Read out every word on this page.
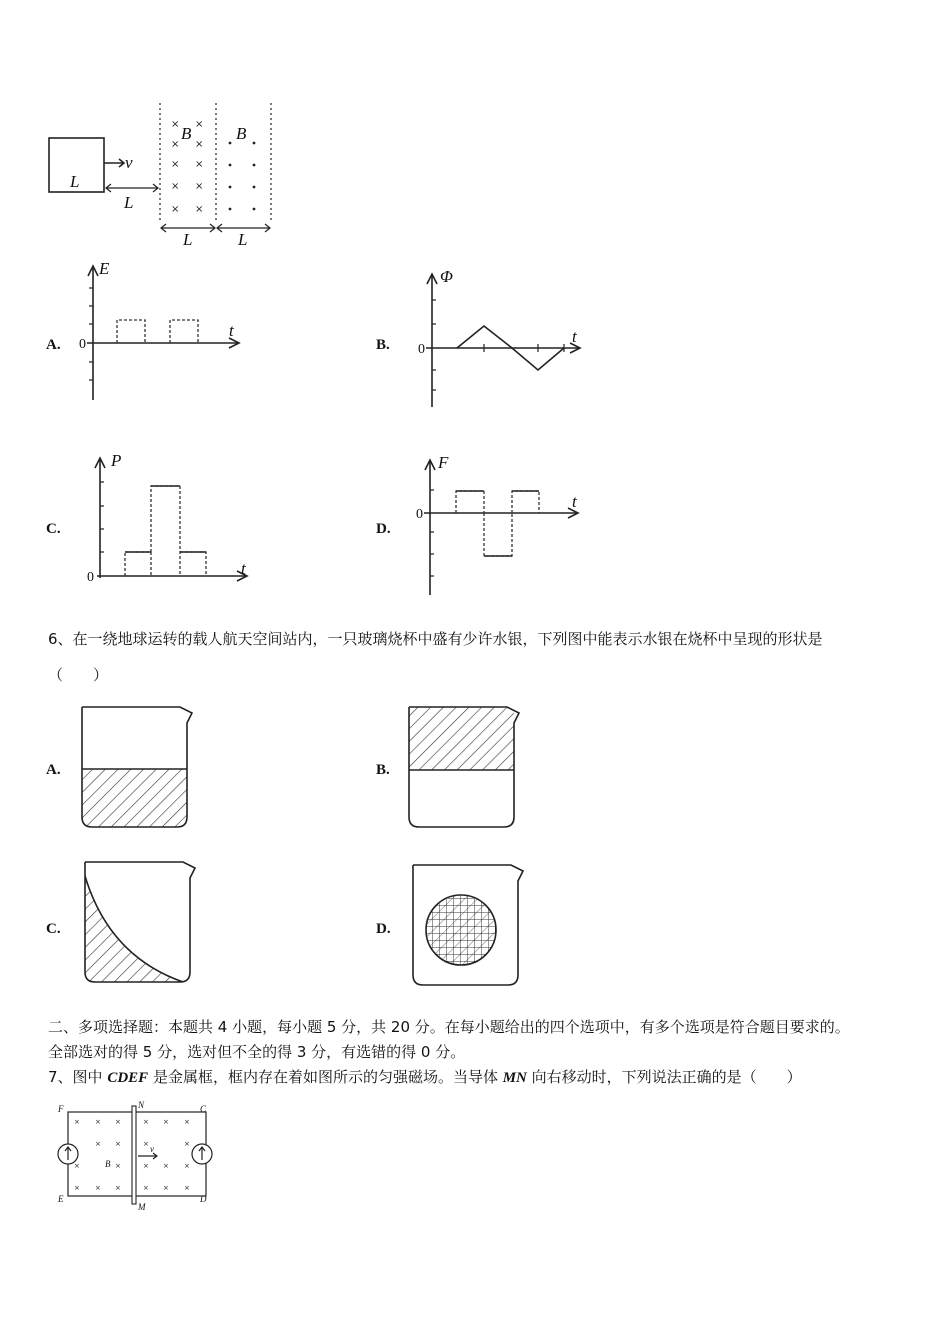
L
v
L
× ×
× ×
× ×
× ×
× ×
B	B
L	L
A.
E
t
0	B.
Φ
t
0
C.
P
t
0
D.
F
t
0
6、在一绕地球运转的载人航天空间站内，一只玻璃烧杯中盛有少许水银，下列图中能表示水银在烧杯中呈现的形状是
（　　）
A.	B.
C.	D.
二、多项选择题：本题共 4 小题，每小题 5 分，共 20 分。在每小题给出的四个选项中，有多个选项是符合题目要求的。
全部选对的得 5 分，选对但不全的得 3 分，有选错的得 0 分。
7、图中 CDEF 是金属框，框内存在着如图所示的匀强磁场。当导体 MN 向右移动时，下列说法正确的是（　　）
× × ×	× × ×
× ×	×	×
×	×	× × ×
× × ×	× × ×
v
B
F	N	C
E
M
D
